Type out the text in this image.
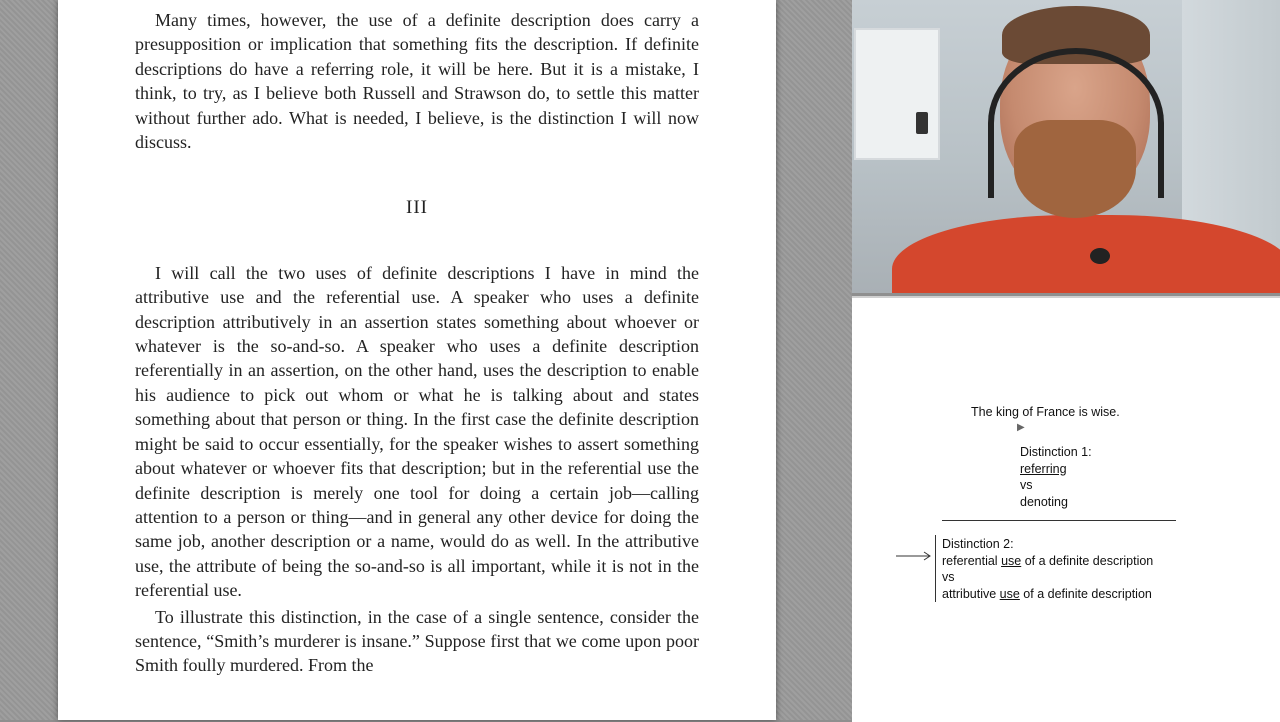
Many times, however, the use of a definite description does carry a presupposition or implication that something fits the description. If definite descriptions do have a referring role, it will be here. But it is a mistake, I think, to try, as I believe both Russell and Strawson do, to settle this matter without further ado. What is needed, I believe, is the distinction I will now discuss.

III

I will call the two uses of definite descriptions I have in mind the attributive use and the referential use. A speaker who uses a definite description attributively in an assertion states something about whoever or whatever is the so-and-so. A speaker who uses a definite description referentially in an assertion, on the other hand, uses the description to enable his audience to pick out whom or what he is talking about and states something about that person or thing. In the first case the definite description might be said to occur essentially, for the speaker wishes to assert something about whatever or whoever fits that description; but in the referential use the definite description is merely one tool for doing a certain job—calling attention to a person or thing—and in general any other device for doing the same job, another description or a name, would do as well. In the attributive use, the attribute of being the so-and-so is all important, while it is not in the referential use.

To illustrate this distinction, in the case of a single sentence, consider the sentence, “Smith’s murderer is insane.” Suppose first that we come upon poor Smith foully murdered. From the

The king of France is wise.
▶
Distinction 1:
referring
vs
denoting
Distinction 2:
referential use of a definite description
vs
attributive use of a definite description
